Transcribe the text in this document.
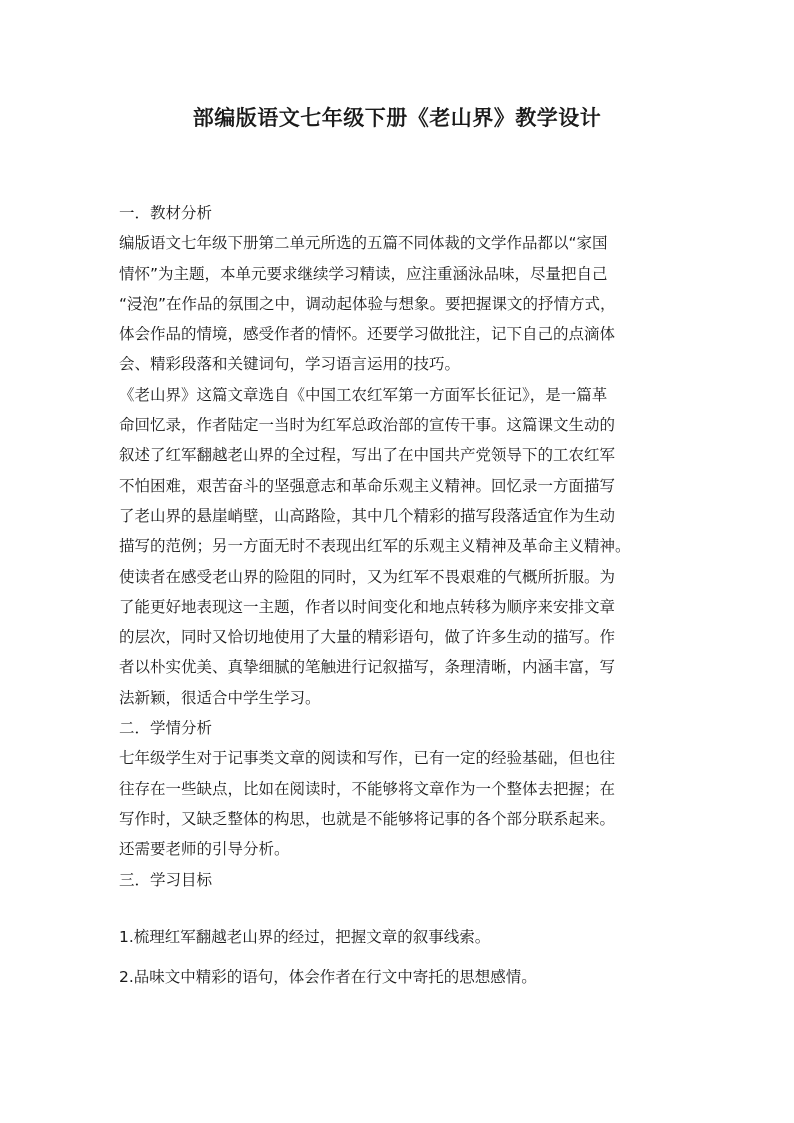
部编版语文七年级下册《老山界》教学设计
一．教材分析
编版语文七年级下册第二单元所选的五篇不同体裁的文学作品都以“家国
情怀”为主题，本单元要求继续学习精读，应注重涵泳品味，尽量把自己
“浸泡”在作品的氛围之中，调动起体验与想象。要把握课文的抒情方式，
体会作品的情境，感受作者的情怀。还要学习做批注，记下自己的点滴体
会、精彩段落和关键词句，学习语言运用的技巧。
《老山界》这篇文章选自《中国工农红军第一方面军长征记》，是一篇革
命回忆录，作者陆定一当时为红军总政治部的宣传干事。这篇课文生动的
叙述了红军翻越老山界的全过程，写出了在中国共产党领导下的工农红军
不怕困难，艰苦奋斗的坚强意志和革命乐观主义精神。回忆录一方面描写
了老山界的悬崖峭壁，山高路险，其中几个精彩的描写段落适宜作为生动
描写的范例；另一方面无时不表现出红军的乐观主义精神及革命主义精神。
使读者在感受老山界的险阻的同时，又为红军不畏艰难的气概所折服。为
了能更好地表现这一主题，作者以时间变化和地点转移为顺序来安排文章
的层次，同时又恰切地使用了大量的精彩语句，做了许多生动的描写。作
者以朴实优美、真挚细腻的笔触进行记叙描写，条理清晰，内涵丰富，写
法新颖，很适合中学生学习。
二．学情分析
七年级学生对于记事类文章的阅读和写作，已有一定的经验基础，但也往
往存在一些缺点，比如在阅读时，不能够将文章作为一个整体去把握；在
写作时，又缺乏整体的构思，也就是不能够将记事的各个部分联系起来。
还需要老师的引导分析。
三．学习目标
1.梳理红军翻越老山界的经过，把握文章的叙事线索。
2.品味文中精彩的语句，体会作者在行文中寄托的思想感情。
